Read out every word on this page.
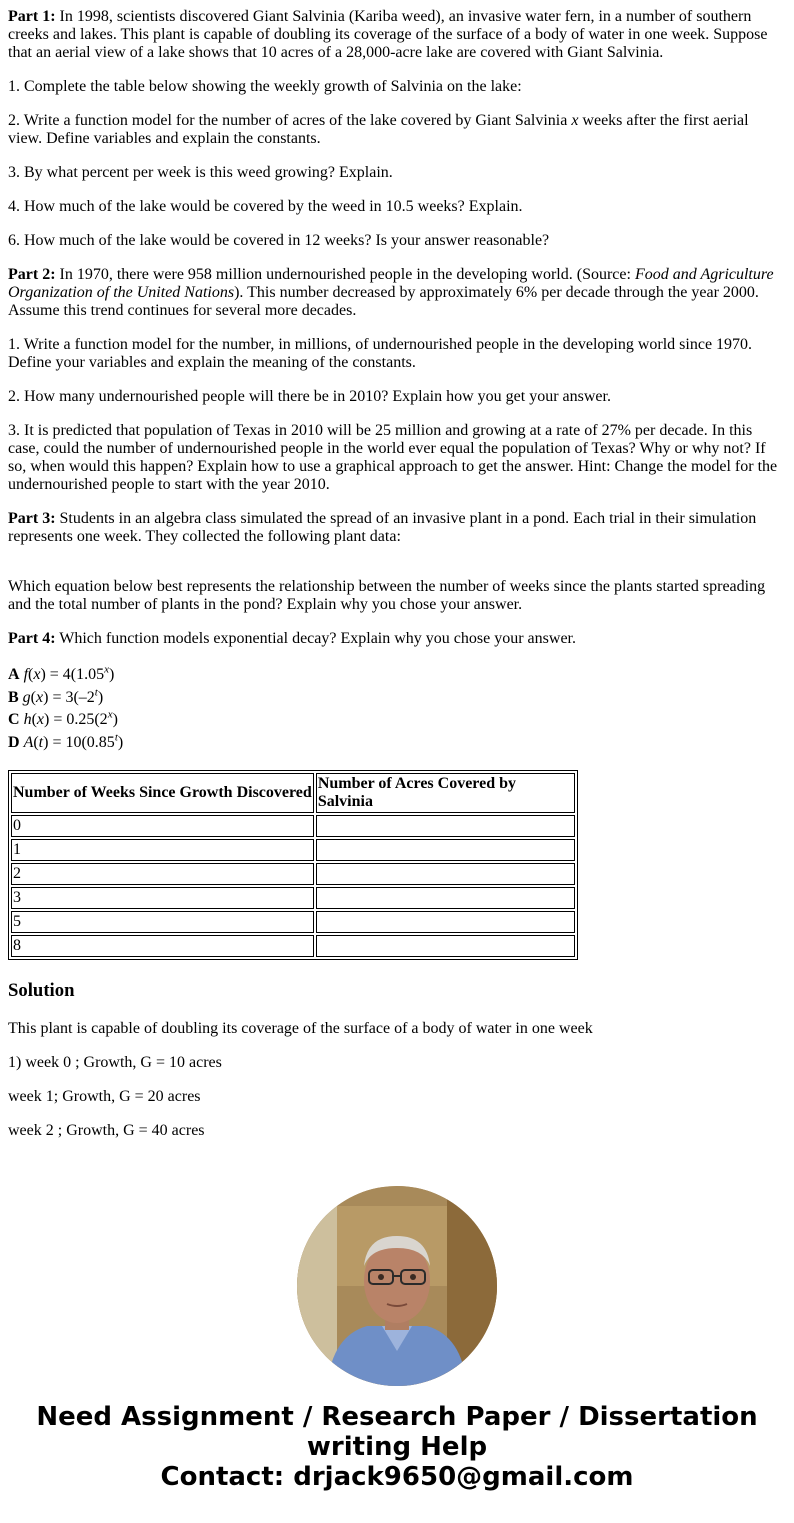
Part 1: In 1998, scientists discovered Giant Salvinia (Kariba weed), an invasive water fern, in a number of southern creeks and lakes. This plant is capable of doubling its coverage of the surface of a body of water in one week. Suppose that an aerial view of a lake shows that 10 acres of a 28,000-acre lake are covered with Giant Salvinia.

1. Complete the table below showing the weekly growth of Salvinia on the lake:

2. Write a function model for the number of acres of the lake covered by Giant Salvinia x weeks after the first aerial view. Define variables and explain the constants.

3. By what percent per week is this weed growing? Explain.

4. How much of the lake would be covered by the weed in 10.5 weeks? Explain.

6. How much of the lake would be covered in 12 weeks? Is your answer reasonable?

Part 2: In 1970, there were 958 million undernourished people in the developing world. (Source: Food and Agriculture Organization of the United Nations). This number decreased by approximately 6% per decade through the year 2000. Assume this trend continues for several more decades.

1. Write a function model for the number, in millions, of undernourished people in the developing world since 1970. Define your variables and explain the meaning of the constants.

2. How many undernourished people will there be in 2010? Explain how you get your answer.

3. It is predicted that population of Texas in 2010 will be 25 million and growing at a rate of 27% per decade. In this case, could the number of undernourished people in the world ever equal the population of Texas? Why or why not? If so, when would this happen? Explain how to use a graphical approach to get the answer. Hint: Change the model for the undernourished people to start with the year 2010.

Part 3: Students in an algebra class simulated the spread of an invasive plant in a pond. Each trial in their simulation represents one week. They collected the following plant data:

Which equation below best represents the relationship between the number of weeks since the plants started spreading and the total number of plants in the pond? Explain why you chose your answer.

Part 4: Which function models exponential decay? Explain why you chose your answer.

A $f(x) = 4(1.05^x)$
B $g(x) = 3(-2^t)$
C $h(x) = 0.25(2^x)$
D $A(t) = 10(0.85^t)$
Number of Weeks Since Growth Discovered	Number of Acres Covered by Salvinia
0	
1	
2	
3	
5	
8	
Solution

This plant is capable of doubling its coverage of the surface of a body of water in one week

1) week 0 ; Growth, G = 10 acres

week 1; Growth, G = 20 acres

week 2 ; Growth, G = 40 acres

Need Assignment / Research Paper / Dissertation
writing Help
Contact: drjack9650@gmail.com
